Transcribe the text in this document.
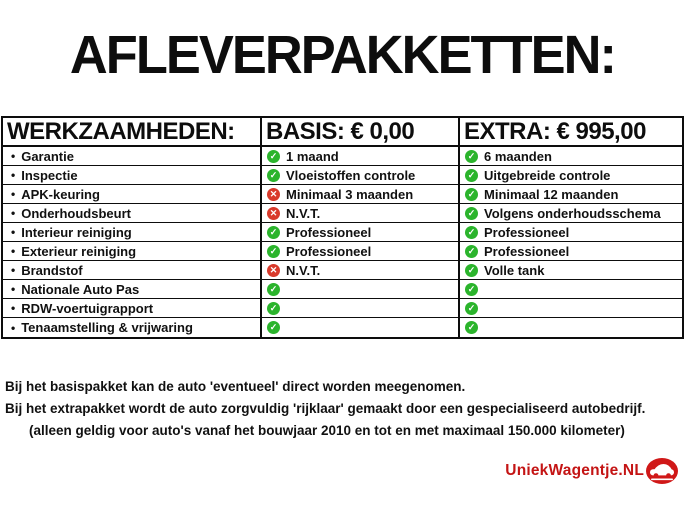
AFLEVERPAKKETTEN:
WERKZAAMHEDEN:	BASIS: € 0,00	EXTRA: € 995,00
• Garantie	✓ 1 maand	✓ 6 maanden
• Inspectie	✓ Vloeistoffen controle	✓ Uitgebreide controle
• APK-keuring	✕ Minimaal 3 maanden	✓ Minimaal 12 maanden
• Onderhoudsbeurt	✕ N.V.T.	✓ Volgens onderhoudsschema
• Interieur reiniging	✓ Professioneel	✓ Professioneel
• Exterieur reiniging	✓ Professioneel	✓ Professioneel
• Brandstof	✕ N.V.T.	✓ Volle tank
• Nationale Auto Pas	✓	✓
• RDW-voertuigrapport	✓	✓
• Tenaamstelling & vrijwaring	✓	✓

Bij het basispakket kan de auto 'eventueel' direct worden meegenomen.

Bij het extrapakket wordt de auto zorgvuldig 'rijklaar' gemaakt door een gespecialiseerd autobedrijf.

(alleen geldig voor auto's vanaf het bouwjaar 2010 en tot en met maximaal 150.000 kilometer)

UniekWagentje.NL
